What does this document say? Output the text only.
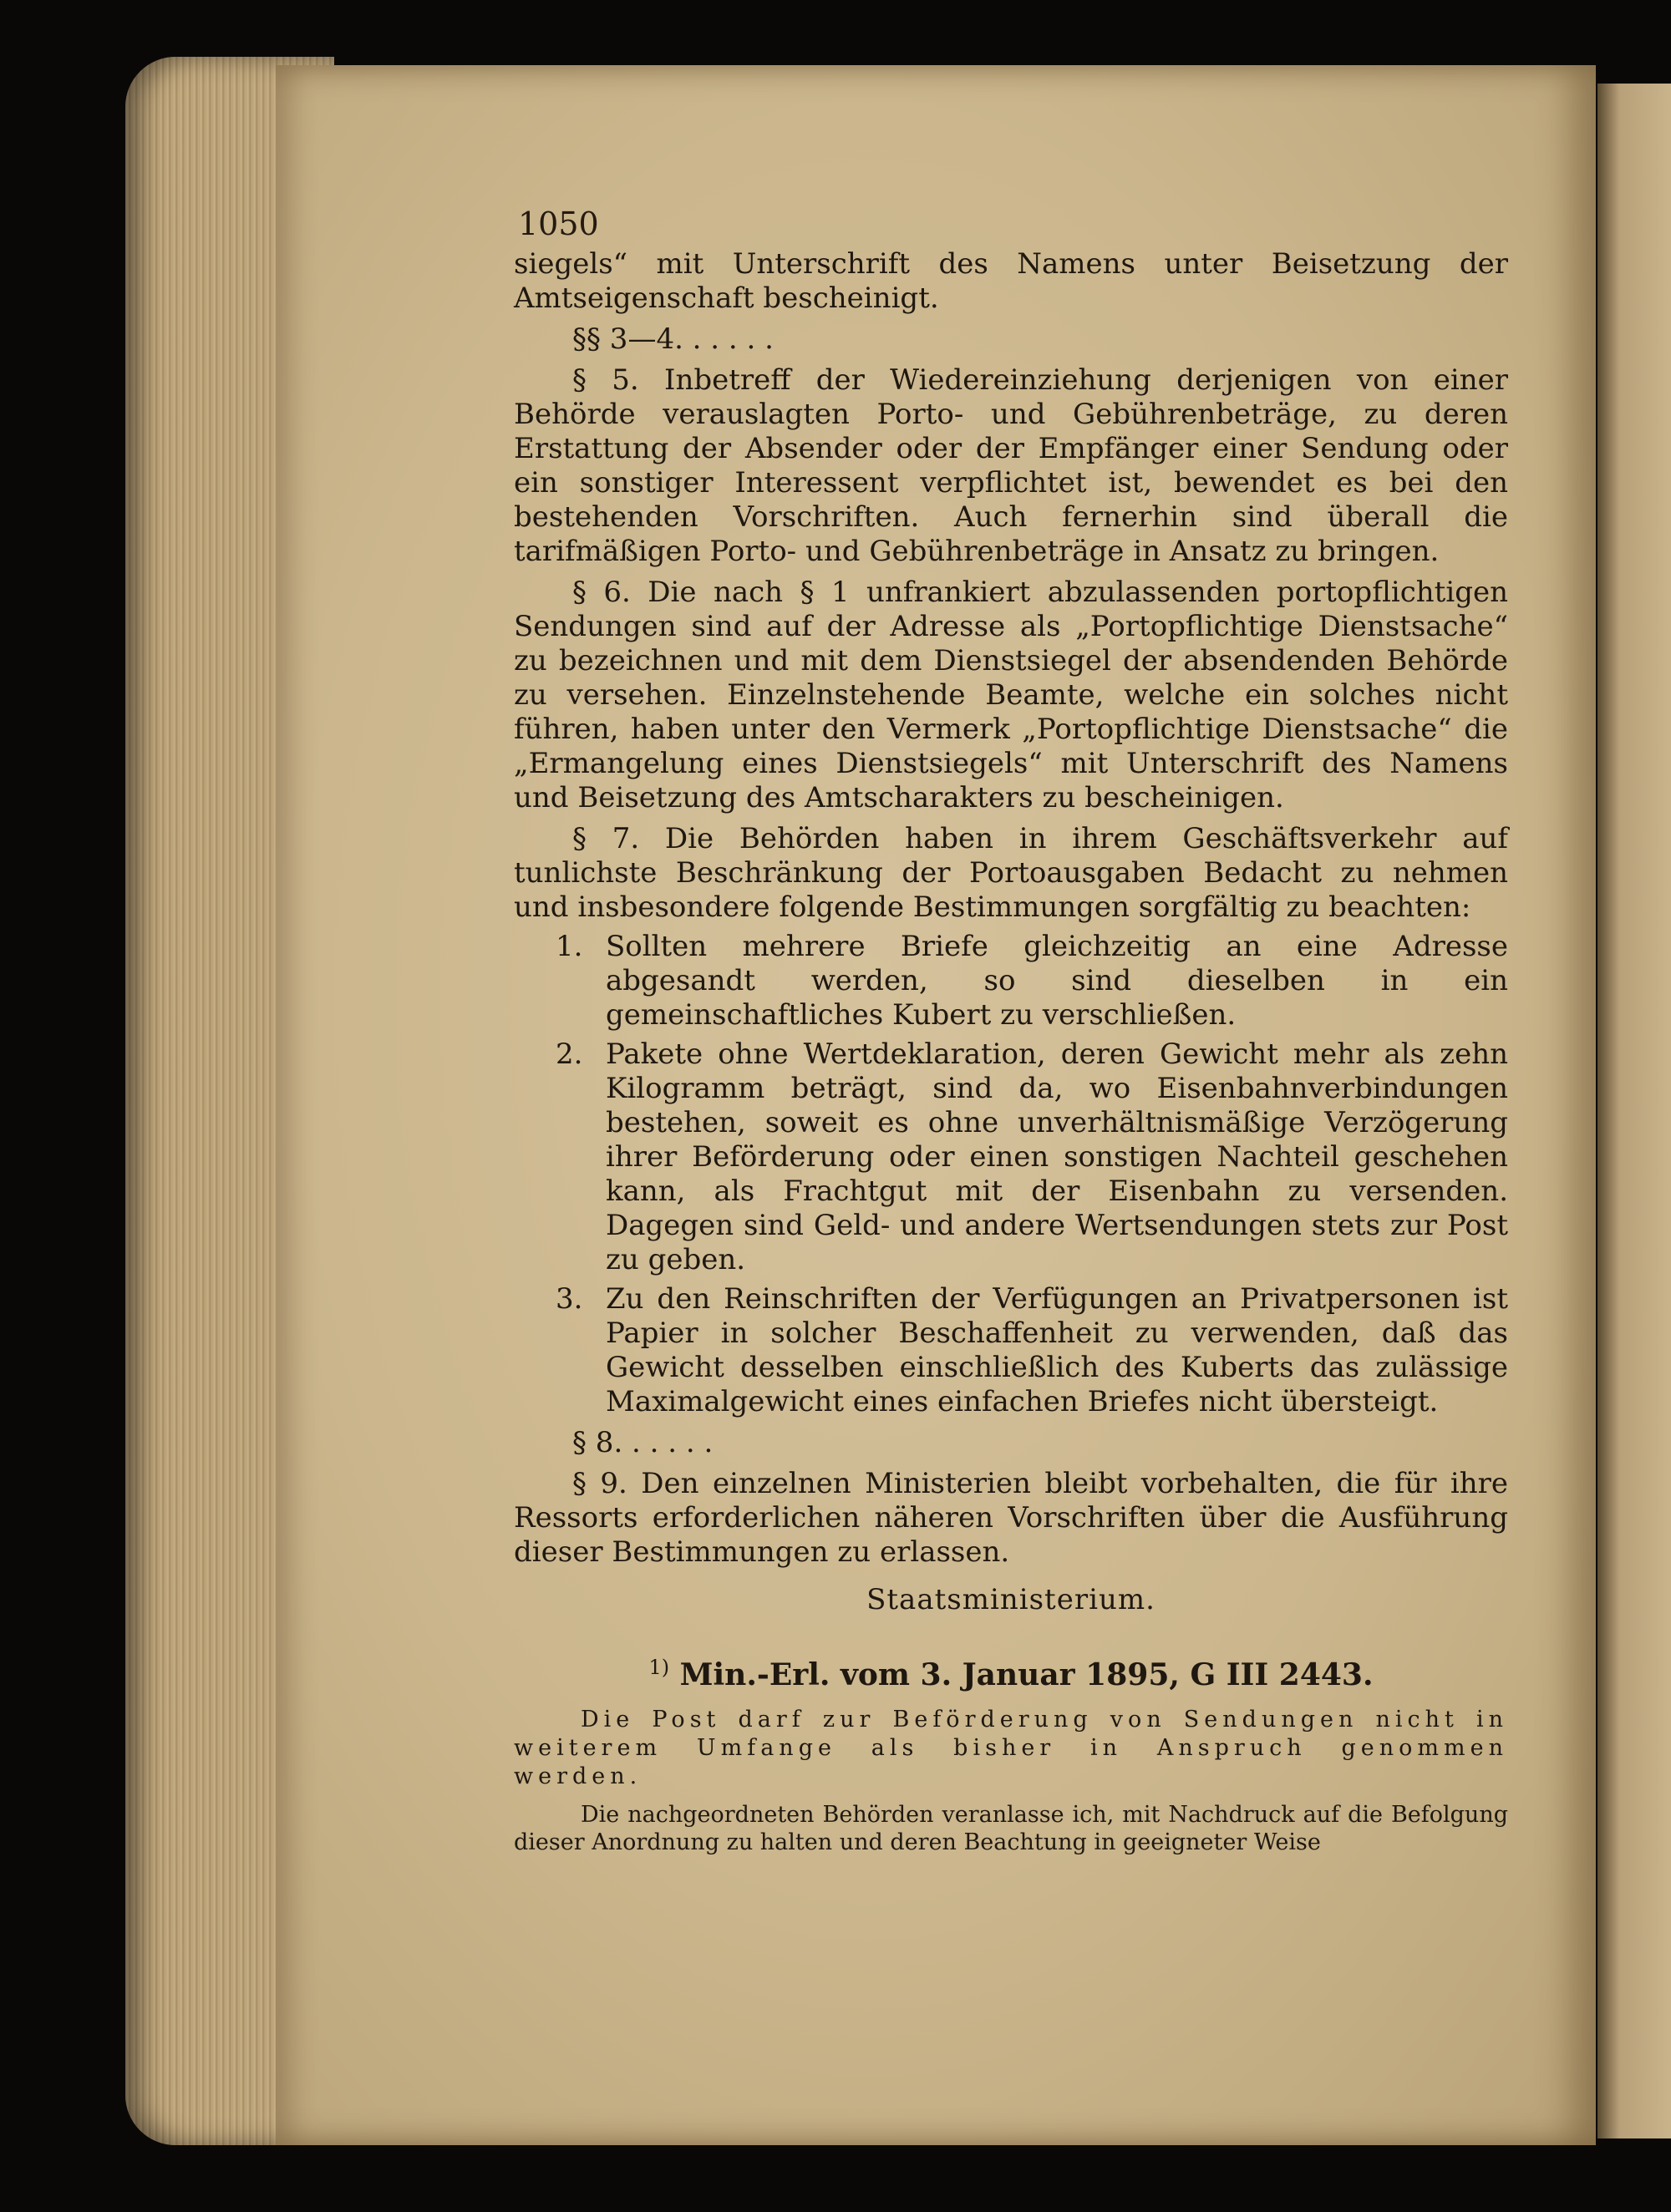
1050

siegels“ mit Unterschrift des Namens unter Beisetzung der Amtseigenschaft bescheinigt.

§§ 3—4. . . . . .

§ 5. Inbetreff der Wiedereinziehung derjenigen von einer Behörde verauslagten Porto- und Gebührenbeträge, zu deren Erstattung der Absender oder der Empfänger einer Sendung oder ein sonstiger Interessent verpflichtet ist, bewendet es bei den bestehenden Vorschriften. Auch fernerhin sind überall die tarifmäßigen Porto- und Gebührenbeträge in Ansatz zu bringen.

§ 6. Die nach § 1 unfrankiert abzulassenden portopflichtigen Sendungen sind auf der Adresse als „Portopflichtige Dienstsache“ zu bezeichnen und mit dem Dienstsiegel der absendenden Behörde zu versehen. Einzelnstehende Beamte, welche ein solches nicht führen, haben unter den Vermerk „Portopflichtige Dienstsache“ die „Ermangelung eines Dienstsiegels“ mit Unterschrift des Namens und Beisetzung des Amtscharakters zu bescheinigen.

§ 7. Die Behörden haben in ihrem Geschäftsverkehr auf tunlichste Beschränkung der Portoausgaben Bedacht zu nehmen und insbesondere folgende Bestimmungen sorgfältig zu beachten:

1. Sollten mehrere Briefe gleichzeitig an eine Adresse abgesandt werden, so sind dieselben in ein gemeinschaftliches Kubert zu verschließen.
2. Pakete ohne Wertdeklaration, deren Gewicht mehr als zehn Kilogramm beträgt, sind da, wo Eisenbahnverbindungen bestehen, soweit es ohne unverhältnismäßige Verzögerung ihrer Beförderung oder einen sonstigen Nachteil geschehen kann, als Frachtgut mit der Eisenbahn zu versenden. Dagegen sind Geld- und andere Wertsendungen stets zur Post zu geben.
3. Zu den Reinschriften der Verfügungen an Privatpersonen ist Papier in solcher Beschaffenheit zu verwenden, daß das Gewicht desselben einschließlich des Kuberts das zulässige Maximalgewicht eines einfachen Briefes nicht übersteigt.

§ 8. . . . . .

§ 9. Den einzelnen Ministerien bleibt vorbehalten, die für ihre Ressorts erforderlichen näheren Vorschriften über die Ausführung dieser Bestimmungen zu erlassen.

Staatsministerium.
$^{1)}$ Min.-Erl. vom 3. Januar 1895, G III 2443.

Die Post darf zur Beförderung von Sendungen nicht in weiterem Umfange als bisher in Anspruch genommen werden.

Die nachgeordneten Behörden veranlasse ich, mit Nachdruck auf die Befolgung dieser Anordnung zu halten und deren Beachtung in geeigneter Weise
